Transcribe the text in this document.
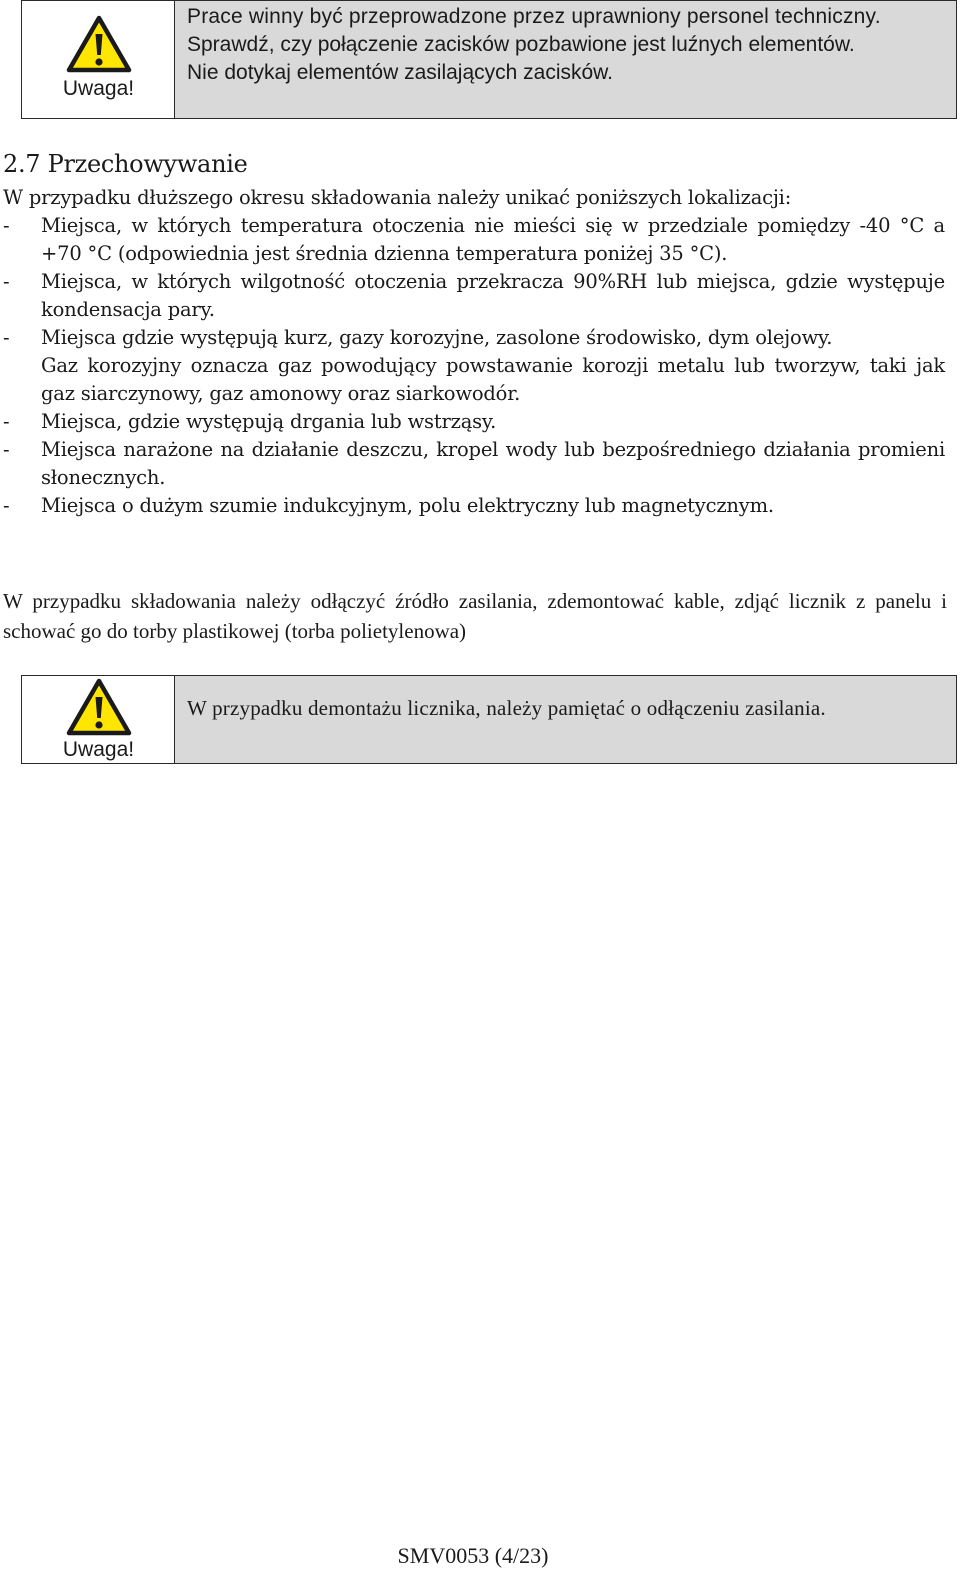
Uwaga!
Prace winny być przeprowadzone przez uprawniony personel techniczny.
Sprawdź, czy połączenie zacisków pozbawione jest luźnych elementów.
Nie dotykaj elementów zasilających zacisków.
2.7 Przechowywanie

W przypadku dłuższego okresu składowania należy unikać poniższych lokalizacji:

-	Miejsca, w których temperatura otoczenia nie mieści się w przedziale pomiędzy -40 °C a +70 °C (odpowiednia jest średnia dzienna temperatura poniżej 35 °C).
-	Miejsca, w których wilgotność otoczenia przekracza 90%RH lub miejsca, gdzie występuje kondensacja pary.
-	Miejsca gdzie występują kurz, gazy korozyjne, zasolone środowisko, dym olejowy.
Gaz korozyjny oznacza gaz powodujący powstawanie korozji metalu lub tworzyw, taki jak gaz siarczynowy, gaz amonowy oraz siarkowodór.
-	Miejsca, gdzie występują drgania lub wstrząsy.
-	Miejsca narażone na działanie deszczu, kropel wody lub bezpośredniego działania promieni słonecznych.
-	Miejsca o dużym szumie indukcyjnym, polu elektryczny lub magnetycznym.
W przypadku składowania należy odłączyć źródło zasilania, zdemontować kable, zdjąć licznik z panelu i schować go do torby plastikowej (torba polietylenowa)
Uwaga!
W przypadku demontażu licznika, należy pamiętać o odłączeniu zasilania.
SMV0053 (4/23)
